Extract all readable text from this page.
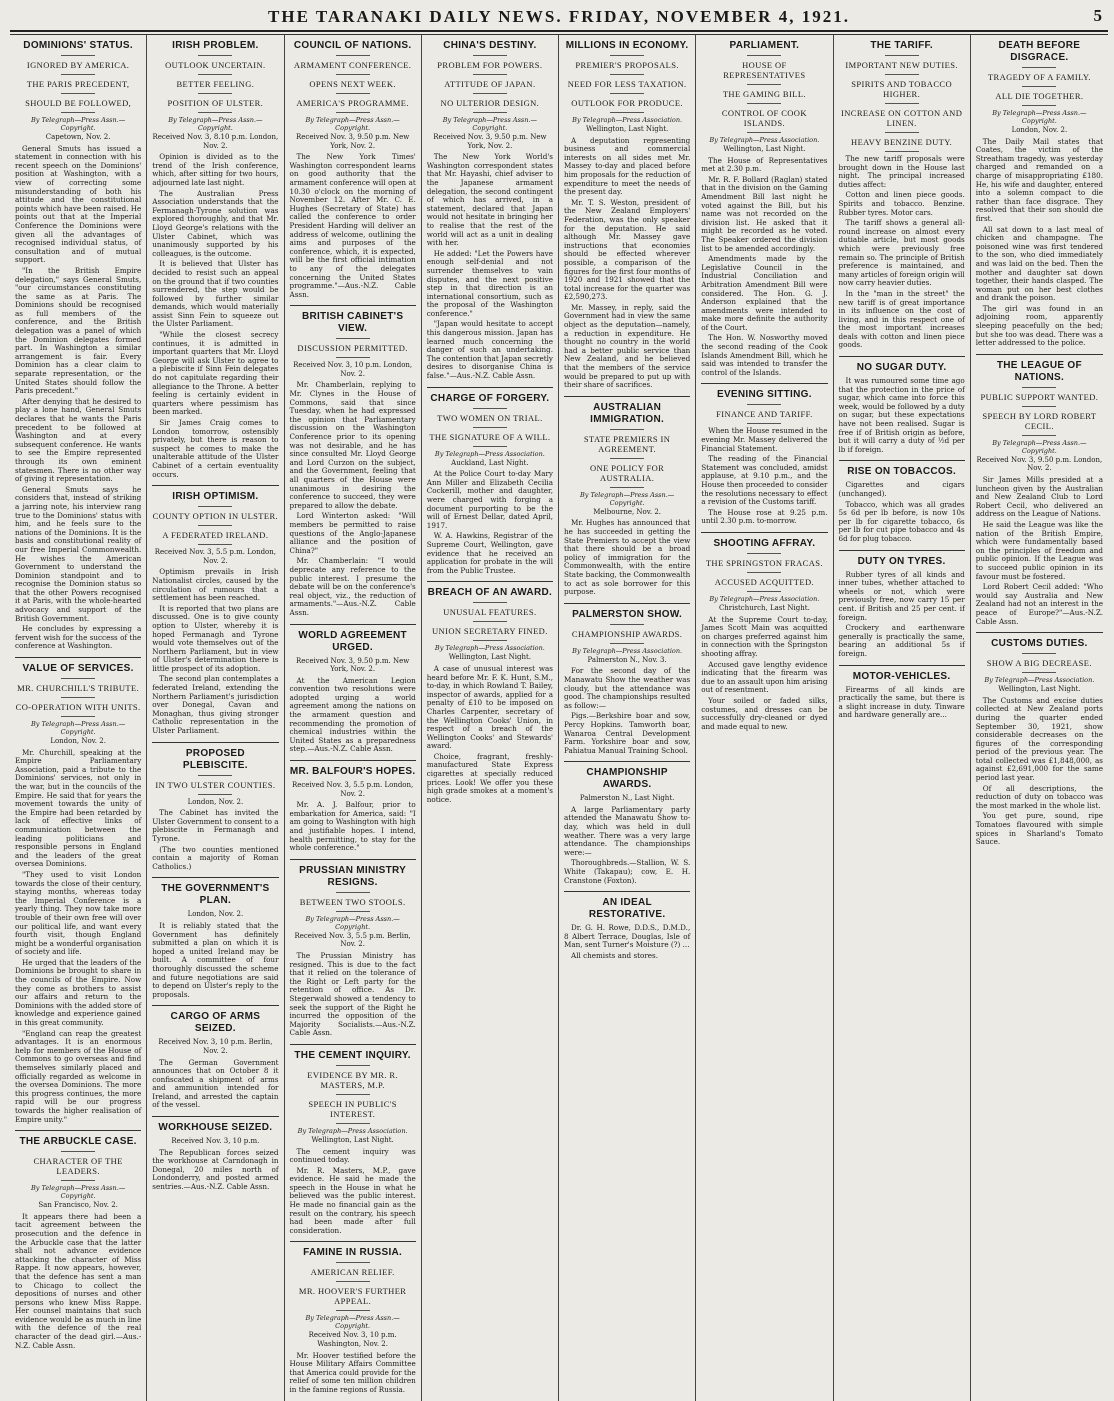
THE TARANAKI DAILY NEWS. FRIDAY, NOVEMBER 4, 1921.	5
DOMINIONS' STATUS.
IGNORED BY AMERICA.
THE PARIS PRECEDENT,
SHOULD BE FOLLOWED,
By Telegraph—Press Assn.—Copyright.
Capetown, Nov. 2.

General Smuts has issued a statement in connection with his recent speech on the Dominions' position at Washington, with a view of correcting some misunderstanding of both his attitude and the constitutional points which have been raised. He points out that at the Imperial Conference the Dominions were given all the advantages of recognised individual status, of consultation and of mutual support.

"In the British Empire delegation," says General Smuts, "our circumstances constituting the same as at Paris. The Dominions should be recognised as full members of the conference, and the British delegation was a panel of which the Dominion delegates formed part. In Washington a similar arrangement is fair. Every Dominion has a clear claim to separate representation, or the United States should follow the Paris precedent."

After denying that he desired to play a lone hand, General Smuts declares that he wants the Paris precedent to be followed at Washington and at every subsequent conference. He wants to see the Empire represented through its own eminent statesmen. There is no other way of giving it representation.

General Smuts says he considers that, instead of striking a jarring note, his interview rang true to the Dominions' status with him, and he feels sure to the nations of the Dominions. It is the basis and constitutional reality of our free Imperial Commonwealth. He wishes the American Government to understand the Dominion standpoint and to recognise the Dominion status so that the other Powers recognised it at Paris, with the whole-hearted advocacy and support of the British Government.

He concludes by expressing a fervent wish for the success of the conference at Washington.

VALUE OF SERVICES.
MR. CHURCHILL'S TRIBUTE.
CO-OPERATION WITH UNITS.
By Telegraph—Press Assn.—Copyright.
London, Nov. 2.

Mr. Churchill, speaking at the Empire Parliamentary Association, paid a tribute to the Dominions' services, not only in the war, but in the councils of the Empire. He said that for years the movement towards the unity of the Empire had been retarded by lack of effective links of communication between the leading politicians and responsible persons in England and the leaders of the great oversea Dominions.

"They used to visit London towards the close of their century, staying months, whereas today the Imperial Conference is a yearly thing. They now take more trouble of their own free will over our political life, and want every fourth visit, though England might be a wonderful organisation of society and life.

He urged that the leaders of the Dominions be brought to share in the councils of the Empire. Now they come as brothers to assist our affairs and return to the Dominions with the added store of knowledge and experience gained in this great community.

"England can reap the greatest advantages. It is an enormous help for members of the House of Commons to go overseas and find themselves similarly placed and officially regarded as welcome in the oversea Dominions. The more this progress continues, the more rapid will be our progress towards the higher realisation of Empire unity."

THE ARBUCKLE CASE.
CHARACTER OF THE LEADERS.
By Telegraph—Press Assn.—Copyright.
San Francisco, Nov. 2.

It appears there had been a tacit agreement between the prosecution and the defence in the Arbuckle case that the latter shall not advance evidence attacking the character of Miss Rappe. It now appears, however, that the defence has sent a man to Chicago to collect the depositions of nurses and other persons who knew Miss Rappe. Her counsel maintains that such evidence would be as much in line with the defence of the real character of the dead girl.—Aus.-N.Z. Cable Assn.

IRISH PROBLEM.
OUTLOOK UNCERTAIN.
BETTER FEELING.
POSITION OF ULSTER.
By Telegraph—Press Assn.—Copyright.
Received Nov. 3, 8.10 p.m. London, Nov. 2.

Opinion is divided as to the trend of the Irish conference, which, after sitting for two hours, adjourned late last night.

The Australian Press Association understands that the Fermanagh-Tyrone solution was explored thoroughly, and that Mr. Lloyd George's relations with the Ulster Cabinet, which was unanimously supported by his colleagues, is the outcome.

It is believed that Ulster has decided to resist such an appeal on the ground that if two counties surrendered, the step would be followed by further similar demands, which would materially assist Sinn Fein to squeeze out the Ulster Parliament.

"While the closest secrecy continues, it is admitted in important quarters that Mr. Lloyd George will ask Ulster to agree to a plebiscite if Sinn Fein delegates do not capitulate regarding their allegiance to the Throne. A better feeling is certainly evident in quarters where pessimism has been marked.

Sir James Craig comes to London tomorrow, ostensibly privately, but there is reason to suspect he comes to make the unalterable attitude of the Ulster Cabinet of a certain eventuality occurs.

IRISH OPTIMISM.
COUNTY OPTION IN ULSTER.
A FEDERATED IRELAND.
Received Nov. 3, 5.5 p.m. London, Nov. 2.

Optimism prevails in Irish Nationalist circles, caused by the circulation of rumours that a settlement has been reached.

It is reported that two plans are discussed. One is to give county option to Ulster, whereby it is hoped Fermanagh and Tyrone would vote themselves out of the Northern Parliament, but in view of Ulster's determination there is little prospect of its adoption.

The second plan contemplates a federated Ireland, extending the Northern Parliament's jurisdiction over Donegal, Cavan and Monaghan, thus giving stronger Catholic representation in the Ulster Parliament.

PROPOSED PLEBISCITE.
IN TWO ULSTER COUNTIES.
London, Nov. 2.

The Cabinet has invited the Ulster Government to consent to a plebiscite in Fermanagh and Tyrone.

(The two counties mentioned contain a majority of Roman Catholics.)

THE GOVERNMENT'S PLAN.
London, Nov. 2.

It is reliably stated that the Government has definitely submitted a plan on which it is hoped a united Ireland may be built. A committee of four thoroughly discussed the scheme and future negotiations are said to depend on Ulster's reply to the proposals.

CARGO OF ARMS SEIZED.
Received Nov. 3, 10 p.m. Berlin, Nov. 2.

The German Government announces that on October 8 it confiscated a shipment of arms and ammunition intended for Ireland, and arrested the captain of the vessel.

WORKHOUSE SEIZED.
Received Nov. 3, 10 p.m.

The Republican forces seized the workhouse at Carndonagh in Donegal, 20 miles north of Londonderry, and posted armed sentries.—Aus.-N.Z. Cable Assn.

COUNCIL OF NATIONS.
ARMAMENT CONFERENCE.
OPENS NEXT WEEK.
AMERICA'S PROGRAMME.
By Telegraph—Press Assn.—Copyright.
Received Nov. 3, 9.50 p.m. New York, Nov. 2.

The New York Times' Washington correspondent learns on good authority that the armament conference will open at 10.30 o'clock on the morning of November 12. After Mr. C. E. Hughes (Secretary of State) has called the conference to order President Harding will deliver an address of welcome, outlining the aims and purposes of the conference, which, it is expected, will be the first official intimation to any of the delegates concerning the United States programme."—Aus.-N.Z. Cable Assn.

BRITISH CABINET'S VIEW.
DISCUSSION PERMITTED.
Received Nov. 3, 10 p.m. London, Nov. 2.

Mr. Chamberlain, replying to Mr. Clynes in the House of Commons, said that since Tuesday, when he had expressed the opinion that Parliamentary discussion on the Washington Conference prior to its opening was not desirable, and he has since consulted Mr. Lloyd George and Lord Curzon on the subject, and the Government, feeling that all quarters of the House were unanimous in desiring the conference to succeed, they were prepared to allow the debate.

Lord Winterton asked: "Will members be permitted to raise questions of the Anglo-Japanese alliance and the position of China?"

Mr. Chamberlain: "I would deprecate any reference to the public interest. I presume the debate will be on the conference's real object, viz., the reduction of armaments."—Aus.-N.Z. Cable Assn.

WORLD AGREEMENT URGED.
Received Nov. 3, 9.50 p.m. New York, Nov. 2.

At the American Legion convention two resolutions were adopted urging a world agreement among the nations on the armament question and recommending the promotion of chemical industries within the United States as a preparedness step.—Aus.-N.Z. Cable Assn.

MR. BALFOUR'S HOPES.
Received Nov. 3, 5.5 p.m. London, Nov. 2.

Mr. A. J. Balfour, prior to embarkation for America, said: "I am going to Washington with high and justifiable hopes. I intend, health permitting, to stay for the whole conference."

PRUSSIAN MINISTRY RESIGNS.
BETWEEN TWO STOOLS.
By Telegraph—Press Assn.—Copyright.
Received Nov. 3, 5.5 p.m. Berlin, Nov. 2.

The Prussian Ministry has resigned. This is due to the fact that it relied on the tolerance of the Right or Left party for the retention of office. As Dr. Stegerwald showed a tendency to seek the support of the Right he incurred the opposition of the Majority Socialists.—Aus.-N.Z. Cable Assn.

THE CEMENT INQUIRY.
EVIDENCE BY MR. R. MASTERS, M.P.
SPEECH IN PUBLIC'S INTEREST.
By Telegraph—Press Association.
Wellington, Last Night.

The cement inquiry was continued today.

Mr. R. Masters, M.P., gave evidence. He said he made the speech in the House in what he believed was the public interest. He made no financial gain as the result on the contrary, his speech had been made after full consideration.

FAMINE IN RUSSIA.
AMERICAN RELIEF.
MR. HOOVER'S FURTHER APPEAL.
By Telegraph—Press Assn.—Copyright.
Received Nov. 3, 10 p.m. Washington, Nov. 2.

Mr. Hoover testified before the House Military Affairs Committee that America could provide for the relief of some ten million children in the famine regions of Russia.

CHINA'S DESTINY.
PROBLEM FOR POWERS.
ATTITUDE OF JAPAN.
NO ULTERIOR DESIGN.
By Telegraph—Press Assn.—Copyright.
Received Nov. 3, 9.50 p.m. New York, Nov. 2.

The New York World's Washington correspondent states that Mr. Hayashi, chief adviser to the Japanese armament delegation, the second contingent of which has arrived, in a statement, declared that Japan would not hesitate in bringing her to realise that the rest of the world will act as a unit in dealing with her.

He added: "Let the Powers have enough self-denial and not surrender themselves to vain disputes, and the next positive step in that direction is an international consortium, such as the proposal of the Washington conference."

"Japan would hesitate to accept this dangerous mission. Japan has learned much concerning the danger of such an undertaking. The contention that Japan secretly desires to disorganise China is false."—Aus.-N.Z. Cable Assn.

CHARGE OF FORGERY.
TWO WOMEN ON TRIAL.
THE SIGNATURE OF A WILL.
By Telegraph—Press Association.
Auckland, Last Night.

At the Police Court to-day Mary Ann Miller and Elizabeth Cecilia Cockerill, mother and daughter, were charged with forging a document purporting to be the will of Ernest Dellar, dated April, 1917.

W. A. Hawkins, Registrar of the Supreme Court, Wellington, gave evidence that he received an application for probate in the will from the Public Trustee.

BREACH OF AN AWARD.
UNUSUAL FEATURES.
UNION SECRETARY FINED.
By Telegraph—Press Association.
Wellington, Last Night.

A case of unusual interest was heard before Mr. F. K. Hunt, S.M., to-day, in which Rowland T. Bailey, inspector of awards, applied for a penalty of £10 to be imposed on Charles Carpenter, secretary of the Wellington Cooks' Union, in respect of a breach of the Wellington Cooks' and Stewards' award.

Choice, fragrant, freshly-manufactured State Express cigarettes at specially reduced prices. Look! We offer you these high grade smokes at a moment's notice.

MILLIONS IN ECONOMY.
PREMIER'S PROPOSALS.
NEED FOR LESS TAXATION.
OUTLOOK FOR PRODUCE.
By Telegraph—Press Association.
Wellington, Last Night.

A deputation representing business and commercial interests on all sides met Mr. Massey to-day and placed before him proposals for the reduction of expenditure to meet the needs of the present day.

Mr. T. S. Weston, president of the New Zealand Employers' Federation, was the only speaker for the deputation. He said although Mr. Massey gave instructions that economies should be effected wherever possible, a comparison of the figures for the first four months of 1920 and 1921 showed that the total increase for the quarter was £2,590,273.

Mr. Massey, in reply, said the Government had in view the same object as the deputation—namely, a reduction in expenditure. He thought no country in the world had a better public service than New Zealand, and he believed that the members of the service would be prepared to put up with their share of sacrifices.

AUSTRALIAN IMMIGRATION.
STATE PREMIERS IN AGREEMENT.
ONE POLICY FOR AUSTRALIA.
By Telegraph—Press Assn.—Copyright.
Melbourne, Nov. 2.

Mr. Hughes has announced that he has succeeded in getting the State Premiers to accept the view that there should be a broad policy of immigration for the Commonwealth, with the entire State backing, the Commonwealth to act as sole borrower for this purpose.

PALMERSTON SHOW.
CHAMPIONSHIP AWARDS.
By Telegraph—Press Association.
Palmerston N., Nov. 3.

For the second day of the Manawatu Show the weather was cloudy, but the attendance was good. The championships resulted as follow:—

Pigs.—Berkshire boar and sow, Percy Hopkins. Tamworth boar, Wanaroa Central Development Farm. Yorkshire boar and sow, Pahiatua Manual Training School.

CHAMPIONSHIP AWARDS.
Palmerston N., Last Night.

A large Parliamentary party attended the Manawatu Show to-day, which was held in dull weather. There was a very large attendance. The championships were:—

Thoroughbreds.—Stallion, W. S. White (Takapau); cow, E. H. Cranstone (Foxton).

AN IDEAL RESTORATIVE.

Dr. G. H. Rowe, D.D.S., D.M.D., 8 Albert Terrace, Douglas, Isle of Man, sent Turner's Moisture (?) ...

All chemists and stores.

PARLIAMENT.
HOUSE OF REPRESENTATIVES
THE GAMING BILL.
CONTROL OF COOK ISLANDS.
By Telegraph—Press Association.
Wellington, Last Night.

The House of Representatives met at 2.30 p.m.

Mr. R. F. Bollard (Raglan) stated that in the division on the Gaming Amendment Bill last night he voted against the Bill, but his name was not recorded on the division list. He asked that it might be recorded as he voted. The Speaker ordered the division list to be amended accordingly.

Amendments made by the Legislative Council in the Industrial Conciliation and Arbitration Amendment Bill were considered. The Hon. G. J. Anderson explained that the amendments were intended to make more definite the authority of the Court.

The Hon. W. Nosworthy moved the second reading of the Cook Islands Amendment Bill, which he said was intended to transfer the control of the Islands.

EVENING SITTING.
FINANCE AND TARIFF.

When the House resumed in the evening Mr. Massey delivered the Financial Statement.

The reading of the Financial Statement was concluded, amidst applause, at 9.10 p.m., and the House then proceeded to consider the resolutions necessary to effect a revision of the Customs tariff.

The House rose at 9.25 p.m. until 2.30 p.m. to-morrow.

SHOOTING AFFRAY.
THE SPRINGSTON FRACAS.
ACCUSED ACQUITTED.
By Telegraph—Press Association.
Christchurch, Last Night.

At the Supreme Court to-day, James Scott Main was acquitted on charges preferred against him in connection with the Springston shooting affray.

Accused gave lengthy evidence indicating that the firearm was due to an assault upon him arising out of resentment.

Your soiled or faded silks, costumes, and dresses can be successfully dry-cleaned or dyed and made equal to new.

THE TARIFF.
IMPORTANT NEW DUTIES.
SPIRITS AND TOBACCO HIGHER.
INCREASE ON COTTON AND LINEN.
HEAVY BENZINE DUTY.

The new tariff proposals were brought down in the House last night. The principal increased duties affect:

Cotton and linen piece goods. Spirits and tobacco. Benzine. Rubber tyres. Motor cars.

The tariff shows a general all-round increase on almost every dutiable article, but most goods which were previously free remain so. The principle of British preference is maintained, and many articles of foreign origin will now carry heavier duties.

In the "man in the street" the new tariff is of great importance in its influence on the cost of living, and in this respect one of the most important increases deals with cotton and linen piece goods.

NO SUGAR DUTY.

It was rumoured some time ago that the protection in the price of sugar, which came into force this week, would be followed by a duty on sugar, but these expectations have not been realised. Sugar is free if of British origin as before, but it will carry a duty of ½d per lb if foreign.

RISE ON TOBACCOS.

Cigarettes and cigars (unchanged).

Tobacco, which was all grades 5s 6d per lb before, is now 10s per lb for cigarette tobacco, 6s per lb for cut pipe tobacco and 4s 6d for plug tobacco.

DUTY ON TYRES.

Rubber tyres of all kinds and inner tubes, whether attached to wheels or not, which were previously free, now carry 15 per cent. if British and 25 per cent. if foreign.

Crockery and earthenware generally is practically the same, bearing an additional 5s if foreign.

MOTOR-VEHICLES.

Firearms of all kinds are practically the same, but there is a slight increase in duty. Tinware and hardware generally are...

DEATH BEFORE DISGRACE.
TRAGEDY OF A FAMILY.
ALL DIE TOGETHER.
By Telegraph—Press Assn.—Copyright.
London, Nov. 2.

The Daily Mail states that Coates, the victim of the Streatham tragedy, was yesterday charged and remanded on a charge of misappropriating £180. He, his wife and daughter, entered into a solemn compact to die rather than face disgrace. They resolved that their son should die first.

All sat down to a last meal of chicken and champagne. The poisoned wine was first tendered to the son, who died immediately and was laid on the bed. Then the mother and daughter sat down together, their hands clasped. The woman put on her best clothes and drank the poison.

The girl was found in an adjoining room, apparently sleeping peacefully on the bed; but she too was dead. There was a letter addressed to the police.

THE LEAGUE OF NATIONS.
PUBLIC SUPPORT WANTED.
SPEECH BY LORD ROBERT CECIL.
By Telegraph—Press Assn.—Copyright.
Received Nov. 3, 9.50 p.m. London, Nov. 2.

Sir James Mills presided at a luncheon given by the Australian and New Zealand Club to Lord Robert Cecil, who delivered an address on the League of Nations.

He said the League was like the nation of the British Empire, which were fundamentally based on the principles of freedom and public opinion. If the League was to succeed public opinion in its favour must be fostered.

Lord Robert Cecil added: "Who would say Australia and New Zealand had not an interest in the peace of Europe?"—Aus.-N.Z. Cable Assn.

CUSTOMS DUTIES.
SHOW A BIG DECREASE.
By Telegraph—Press Association.
Wellington, Last Night.

The Customs and excise duties collected at New Zealand ports during the quarter ended September 30, 1921, show considerable decreases on the figures of the corresponding period of the previous year. The total collected was £1,848,000, as against £2,691,000 for the same period last year.

Of all descriptions, the reduction of duty on tobacco was the most marked in the whole list.

You get pure, sound, ripe Tomatoes flavoured with simple spices in Sharland's Tomato Sauce.
